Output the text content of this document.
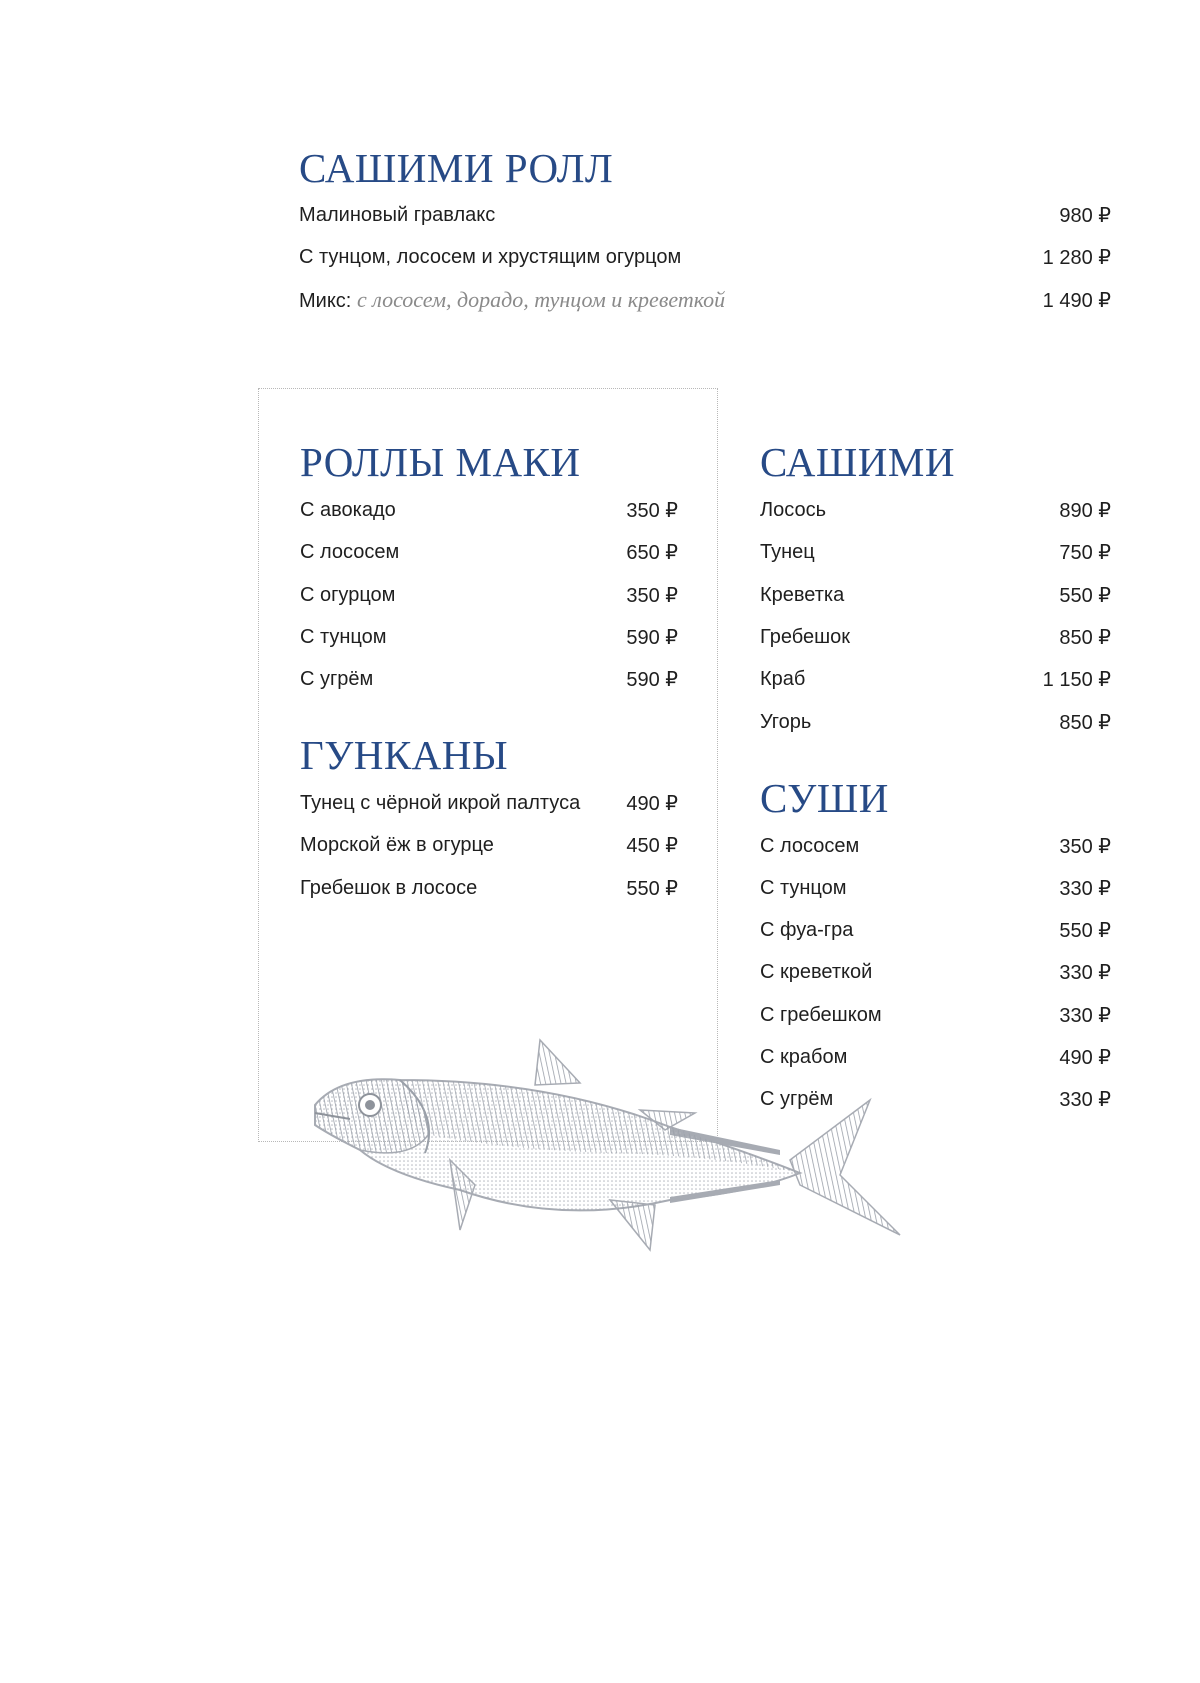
САШИМИ РОЛЛ
Малиновый гравлакс	980 ₽
С тунцом, лососем и хрустящим огурцом	1 280 ₽
Микс: с лососем, дорадо, тунцом и креветкой	1 490 ₽
РОЛЛЫ МАКИ
С авокадо	350 ₽
С лососем	650 ₽
С огурцом	350 ₽
С тунцом	590 ₽
С угрём	590 ₽
ГУНКАНЫ
Тунец с чёрной икрой палтуса 490 ₽
Морской ёж в огурце	450 ₽
Гребешок в лососе	550 ₽
САШИМИ
Лосось	890 ₽
Тунец	750 ₽
Креветка	550 ₽
Гребешок	850 ₽
Краб	1 150 ₽
Угорь	850 ₽
СУШИ
С лососем	350 ₽
С тунцом	330 ₽
С фуа-гра	550 ₽
С креветкой	330 ₽
С гребешком	330 ₽
С крабом	490 ₽
С угрём	330 ₽
